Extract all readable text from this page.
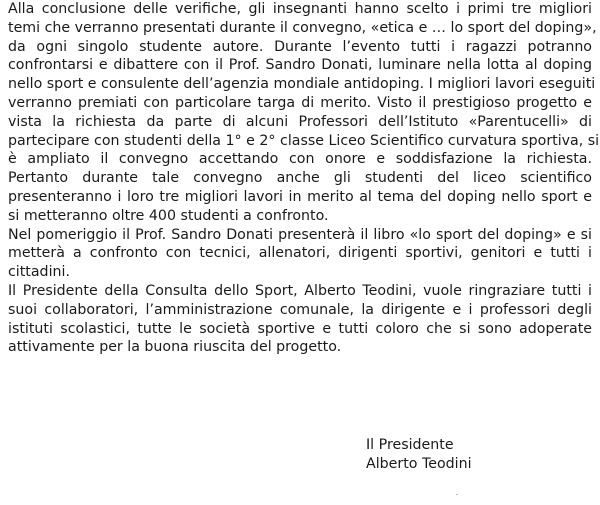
Alla conclusione delle verifiche, gli insegnanti hanno scelto i primi tre migliori
temi che verranno presentati durante il convegno, «etica e … lo sport del doping»,
da ogni singolo studente autore. Durante l’evento tutti i ragazzi potranno
confrontarsi e dibattere con il Prof. Sandro Donati, luminare nella lotta al doping
nello sport e consulente dell’agenzia mondiale antidoping. I migliori lavori eseguiti
verranno premiati con particolare targa di merito. Visto il prestigioso progetto e
vista la richiesta da parte di alcuni Professori dell’Istituto «Parentucelli» di
partecipare con studenti della 1° e 2° classe Liceo Scientifico curvatura sportiva, si
è ampliato il convegno accettando con onore e soddisfazione la richiesta.
Pertanto durante tale convegno anche gli studenti del liceo scientifico
presenteranno i loro tre migliori lavori in merito al tema del doping nello sport e
si metteranno oltre 400 studenti a confronto.
Nel pomeriggio il Prof. Sandro Donati presenterà il libro «lo sport del doping» e si
metterà a confronto con tecnici, allenatori, dirigenti sportivi, genitori e tutti i
cittadini.
Il Presidente della Consulta dello Sport, Alberto Teodini, vuole ringraziare tutti i
suoi collaboratori, l’amministrazione comunale, la dirigente e i professori degli
istituti scolastici, tutte le società sportive e tutti coloro che si sono adoperate
attivamente per la buona riuscita del progetto.
Il Presidente
Alberto Teodini
